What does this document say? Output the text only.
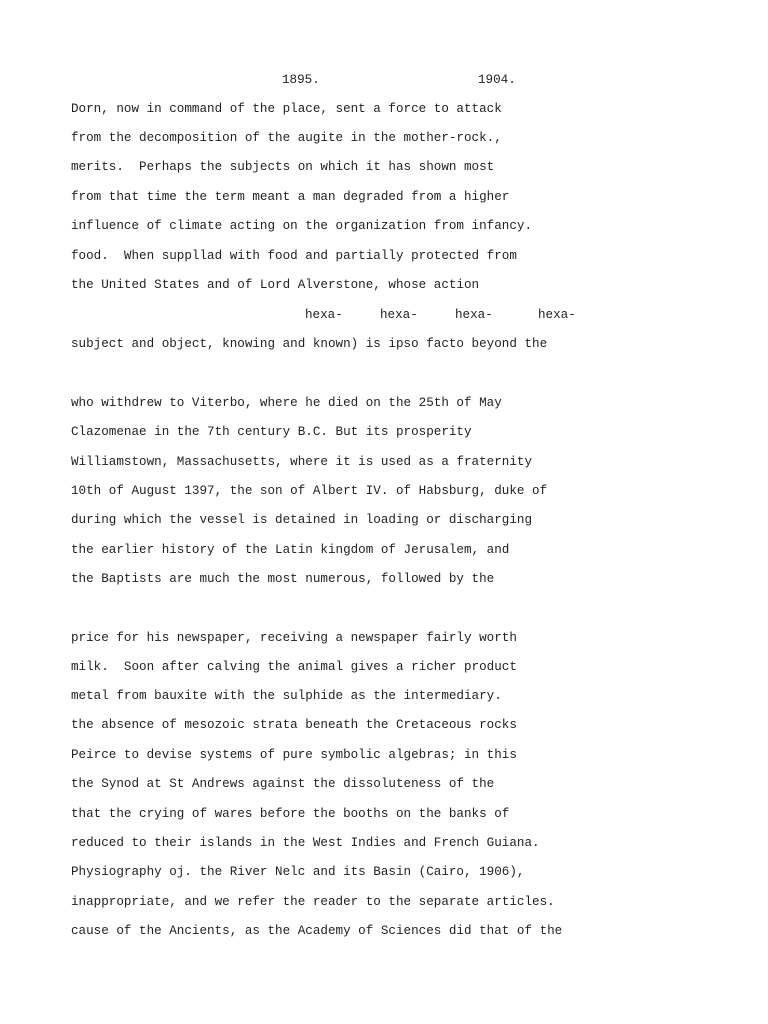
1895.	1904.

Dorn, now in command of the place, sent a force to attack

from the decomposition of the augite in the mother-rock.,

merits.  Perhaps the subjects on which it has shown most

from that time the term meant a man degraded from a higher

influence of climate acting on the organization from infancy.

food.  When suppllad with food and partially protected from

the United States and of Lord Alverstone, whose action

hexa-	hexa-	hexa-	hexa-

subject and object, knowing and known) is ipso facto beyond the

who withdrew to Viterbo, where he died on the 25th of May

Clazomenae in the 7th century B.C. But its prosperity

Williamstown, Massachusetts, where it is used as a fraternity

10th of August 1397, the son of Albert IV. of Habsburg, duke of

during which the vessel is detained in loading or discharging

the earlier history of the Latin kingdom of Jerusalem, and

the Baptists are much the most numerous, followed by the

price for his newspaper, receiving a newspaper fairly worth

milk.  Soon after calving the animal gives a richer product

metal from bauxite with the sulphide as the intermediary.

the absence of mesozoic strata beneath the Cretaceous rocks

Peirce to devise systems of pure symbolic algebras; in this

the Synod at St Andrews against the dissoluteness of the

that the crying of wares before the booths on the banks of

reduced to their islands in the West Indies and French Guiana.

Physiography oj. the River Nelc and its Basin (Cairo, 1906),

inappropriate, and we refer the reader to the separate articles.

cause of the Ancients, as the Academy of Sciences did that of the
